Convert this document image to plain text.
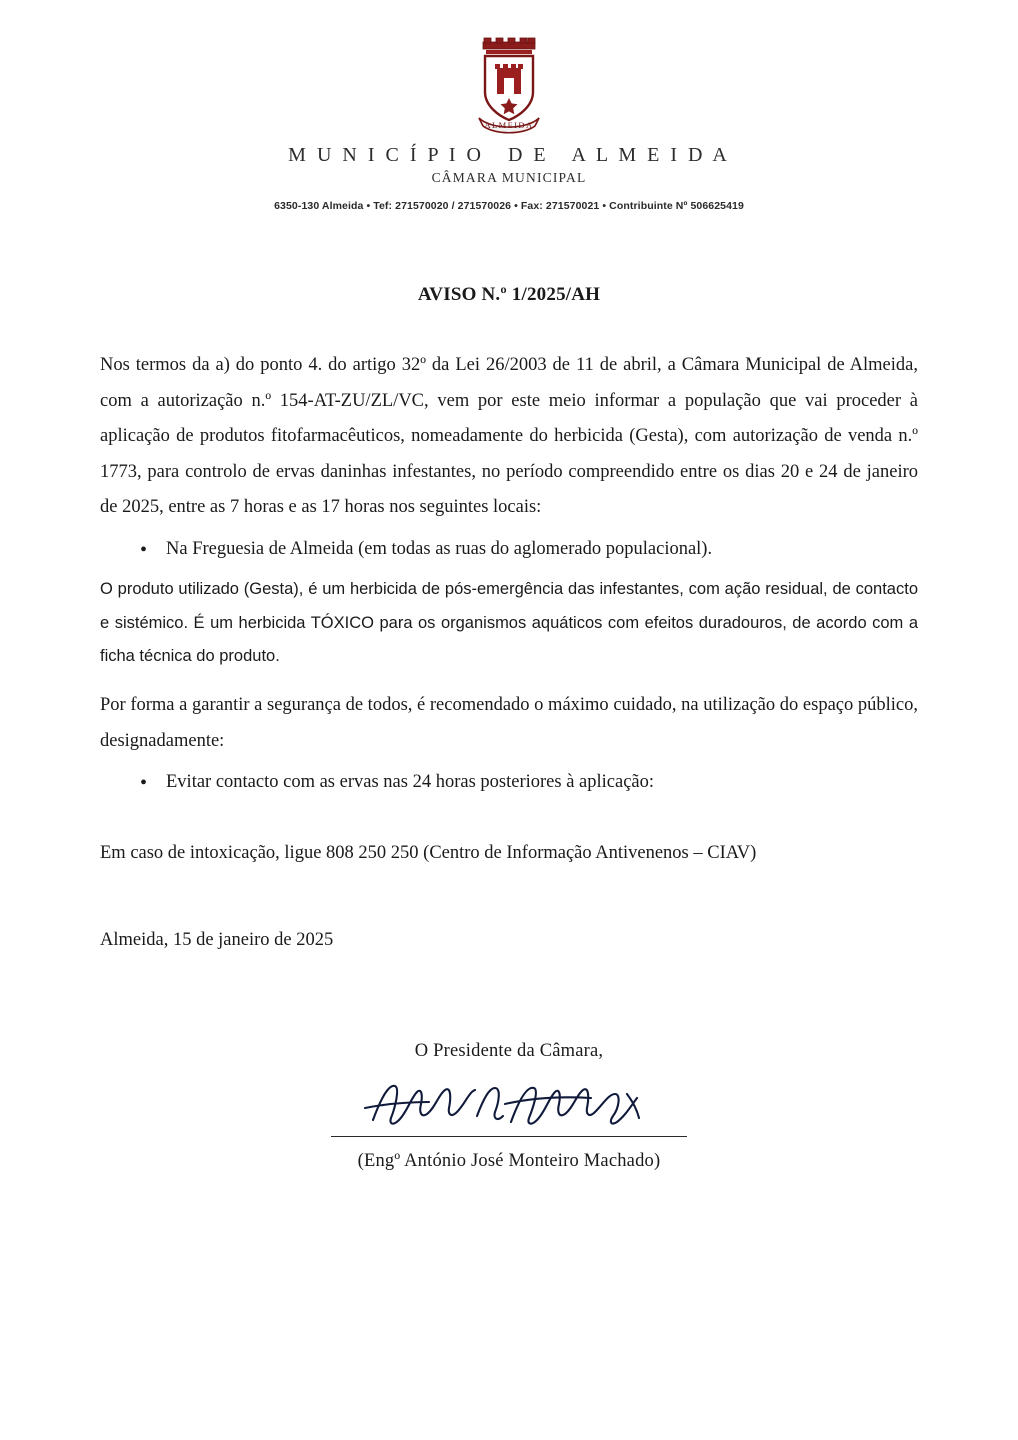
ALMEIDA
M U N I C Í P I O   D E   A L M E I D A
CÂMARA MUNICIPAL
6350-130 Almeida • Tef: 271570020 / 271570026 • Fax: 271570021 • Contribuinte Nº 506625419
AVISO N.º 1/2025/AH

Nos termos da a) do ponto 4. do artigo 32º da Lei 26/2003 de 11 de abril, a Câmara Municipal de Almeida, com a autorização n.º 154-AT-ZU/ZL/VC, vem por este meio informar a população que vai proceder à aplicação de produtos fitofarmacêuticos, nomeadamente do herbicida (Gesta), com autorização de venda n.º 1773, para controlo de ervas daninhas infestantes, no período compreendido entre os dias 20 e 24 de janeiro de 2025, entre as 7 horas e as 17 horas nos seguintes locais:

• Na Freguesia de Almeida (em todas as ruas do aglomerado populacional).

O produto utilizado (Gesta), é um herbicida de pós-emergência das infestantes, com ação residual, de contacto e sistémico. É um herbicida TÓXICO para os organismos aquáticos com efeitos duradouros, de acordo com a ficha técnica do produto.

Por forma a garantir a segurança de todos, é recomendado o máximo cuidado, na utilização do espaço público, designadamente:

• Evitar contacto com as ervas nas 24 horas posteriores à aplicação:
Em caso de intoxicação, ligue 808 250 250 (Centro de Informação Antivenenos – CIAV)
Almeida, 15 de janeiro de 2025
O Presidente da Câmara,
(Engº António José Monteiro Machado)
